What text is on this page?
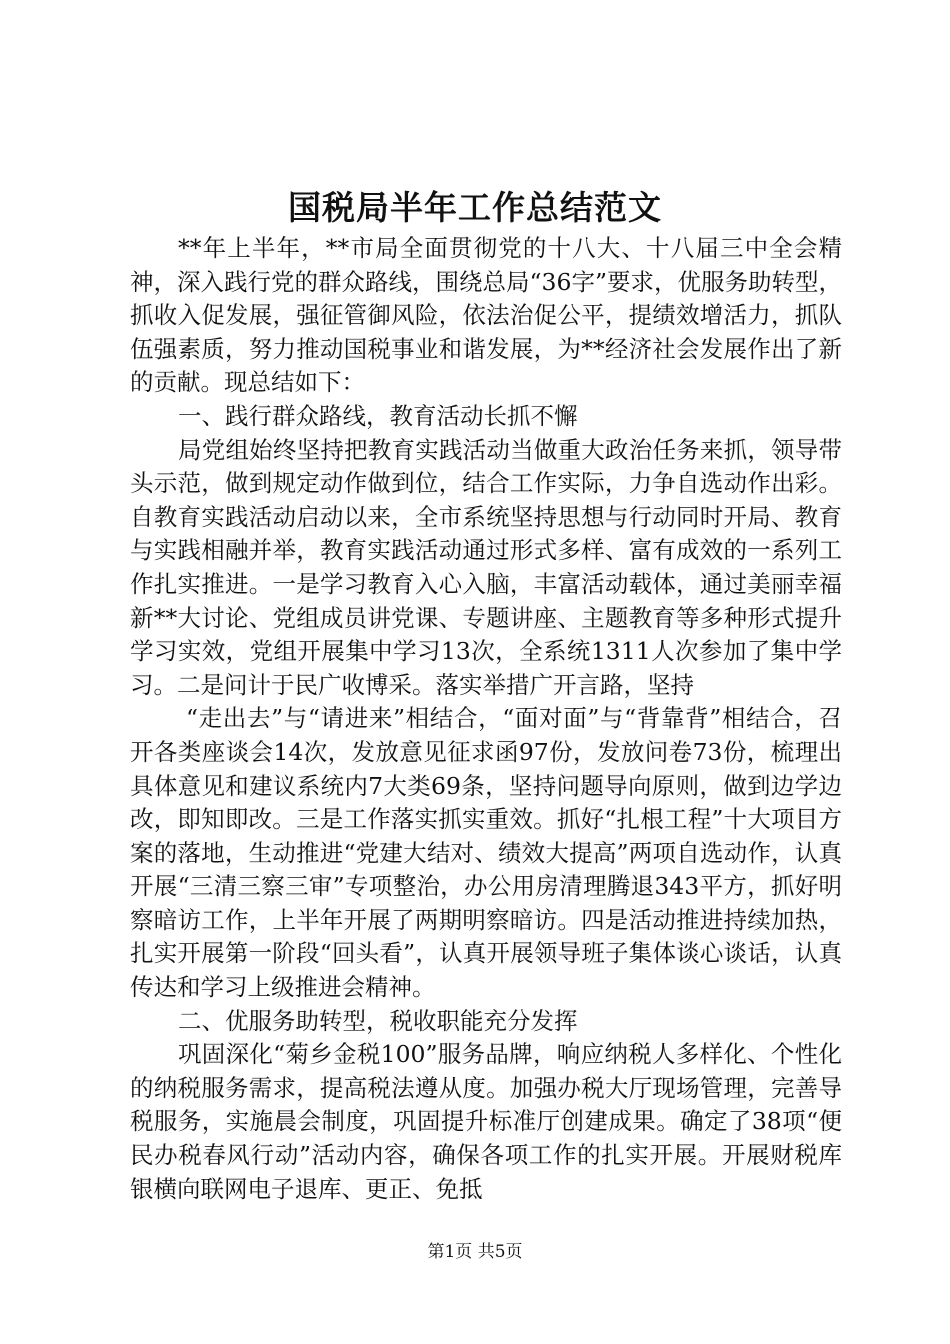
国税局半年工作总结范文

**年上半年，**市局全面贯彻党的十八大、十八届三中全会精神，深入践行党的群众路线，围绕总局“36字”要求，优服务助转型，抓收入促发展，强征管御风险，依法治促公平，提绩效增活力，抓队伍强素质，努力推动国税事业和谐发展，为**经济社会发展作出了新的贡献。现总结如下：

一、践行群众路线，教育活动长抓不懈

局党组始终坚持把教育实践活动当做重大政治任务来抓，领导带头示范，做到规定动作做到位，结合工作实际，力争自选动作出彩。自教育实践活动启动以来，全市系统坚持思想与行动同时开局、教育与实践相融并举，教育实践活动通过形式多样、富有成效的一系列工作扎实推进。一是学习教育入心入脑，丰富活动载体，通过美丽幸福新**大讨论、党组成员讲党课、专题讲座、主题教育等多种形式提升学习实效，党组开展集中学习13次，全系统1311人次参加了集中学习。二是问计于民广收博采。落实举措广开言路，坚持

“走出去”与“请进来”相结合，“面对面”与“背靠背”相结合，召开各类座谈会14次，发放意见征求函97份，发放问卷73份，梳理出具体意见和建议系统内7大类69条，坚持问题导向原则，做到边学边改，即知即改。三是工作落实抓实重效。抓好“扎根工程”十大项目方案的落地，生动推进“党建大结对、绩效大提高”两项自选动作，认真开展“三清三察三审”专项整治，办公用房清理腾退343平方，抓好明察暗访工作，上半年开展了两期明察暗访。四是活动推进持续加热，扎实开展第一阶段“回头看”，认真开展领导班子集体谈心谈话，认真传达和学习上级推进会精神。

二、优服务助转型，税收职能充分发挥

巩固深化“菊乡金税100”服务品牌，响应纳税人多样化、个性化的纳税服务需求，提高税法遵从度。加强办税大厅现场管理，完善导税服务，实施晨会制度，巩固提升标准厅创建成果。确定了38项“便民办税春风行动”活动内容，确保各项工作的扎实开展。开展财税库银横向联网电子退库、更正、免抵

第1页 共5页
